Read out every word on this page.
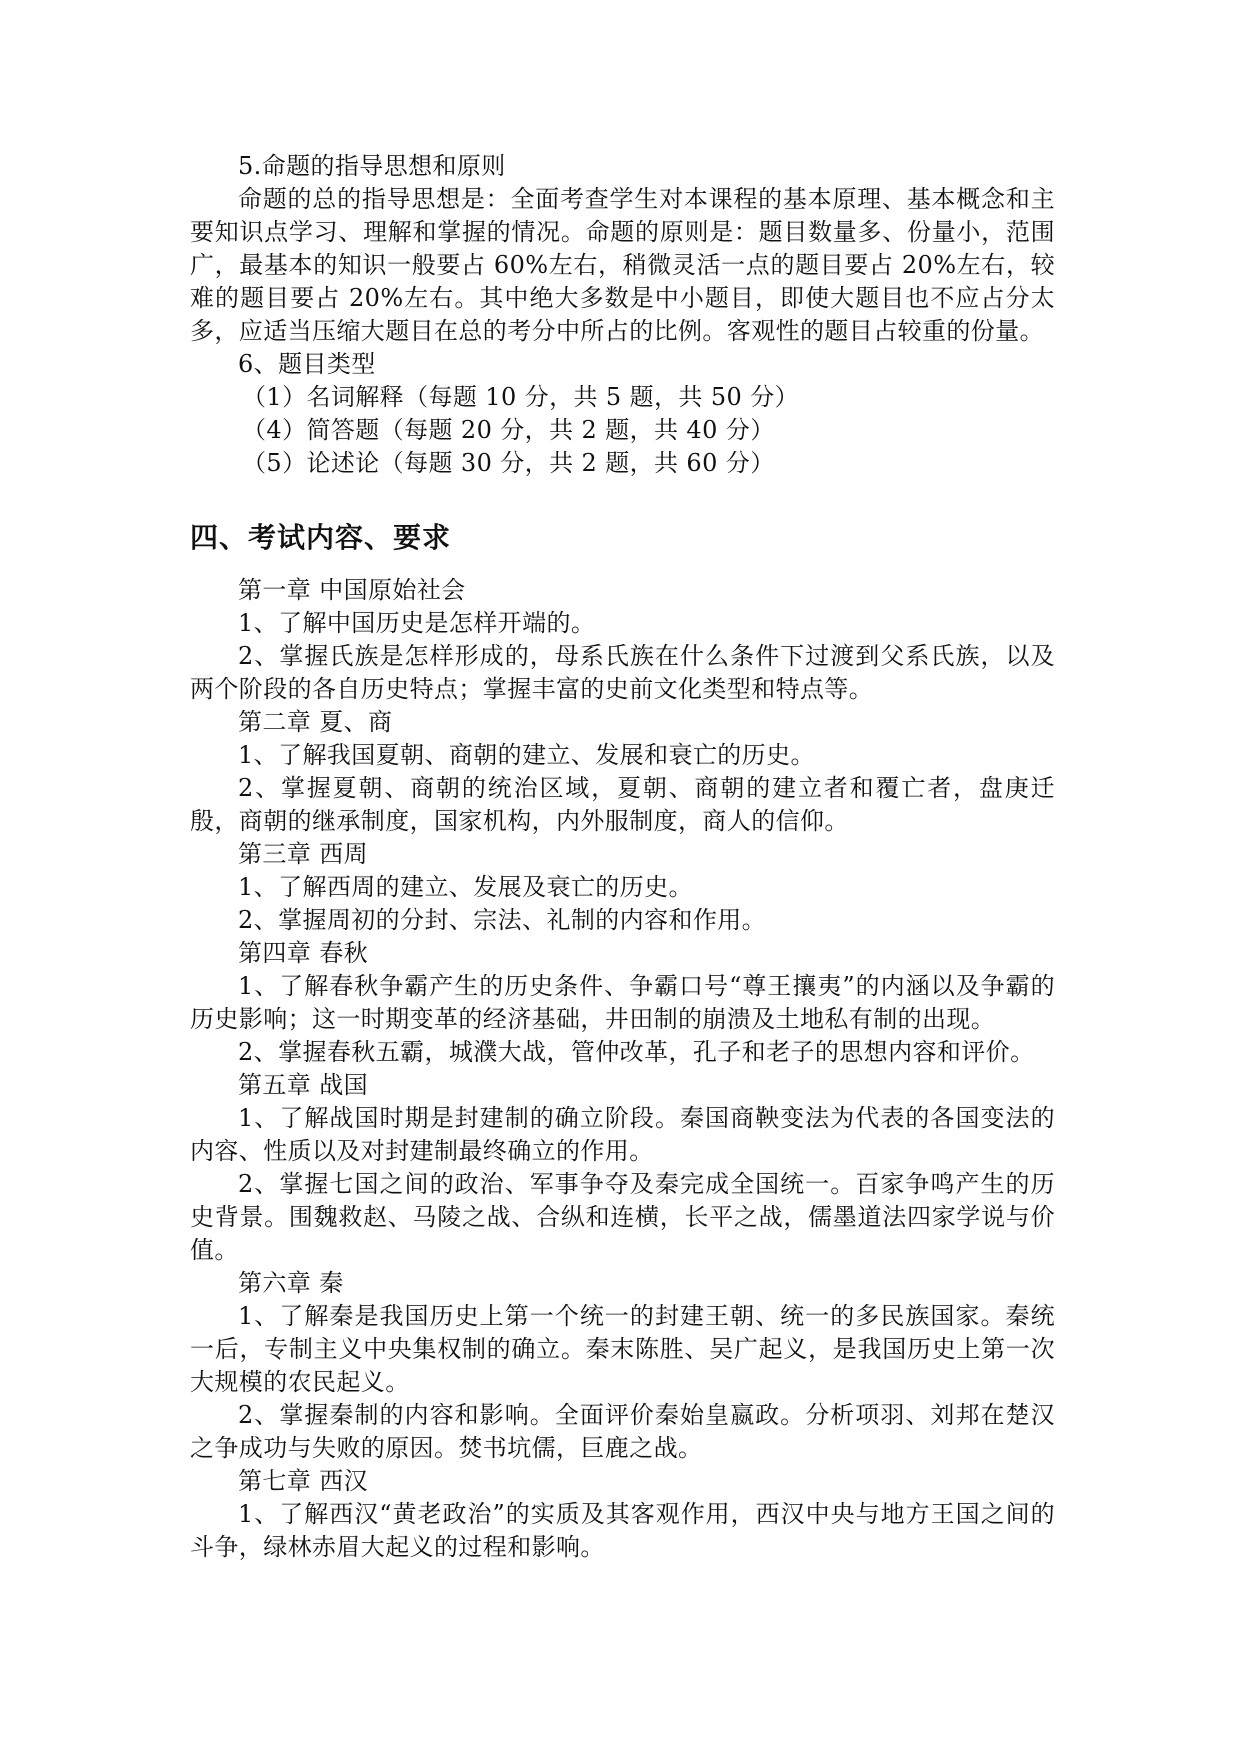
5.命题的指导思想和原则

命题的总的指导思想是：全面考查学生对本课程的基本原理、基本概念和主要知识点学习、理解和掌握的情况。命题的原则是：题目数量多、份量小，范围广，最基本的知识一般要占 60%左右，稍微灵活一点的题目要占 20%左右，较难的题目要占 20%左右。其中绝大多数是中小题目，即使大题目也不应占分太多，应适当压缩大题目在总的考分中所占的比例。客观性的题目占较重的份量。

6、题目类型

（1）名词解释（每题 10 分，共 5 题，共 50 分）

（4）简答题（每题 20 分，共 2 题，共 40 分）

（5）论述论（每题 30 分，共 2 题，共 60 分）

四、考试内容、要求

第一章 中国原始社会

1、了解中国历史是怎样开端的。

2、掌握氏族是怎样形成的，母系氏族在什么条件下过渡到父系氏族，以及两个阶段的各自历史特点；掌握丰富的史前文化类型和特点等。

第二章 夏、商

1、了解我国夏朝、商朝的建立、发展和衰亡的历史。

2、掌握夏朝、商朝的统治区域，夏朝、商朝的建立者和覆亡者，盘庚迁殷，商朝的继承制度，国家机构，内外服制度，商人的信仰。

第三章 西周

1、了解西周的建立、发展及衰亡的历史。

2、掌握周初的分封、宗法、礼制的内容和作用。

第四章 春秋

1、了解春秋争霸产生的历史条件、争霸口号“尊王攘夷”的内涵以及争霸的历史影响；这一时期变革的经济基础，井田制的崩溃及土地私有制的出现。

2、掌握春秋五霸，城濮大战，管仲改革，孔子和老子的思想内容和评价。

第五章 战国

1、了解战国时期是封建制的确立阶段。秦国商鞅变法为代表的各国变法的内容、性质以及对封建制最终确立的作用。

2、掌握七国之间的政治、军事争夺及秦完成全国统一。百家争鸣产生的历史背景。围魏救赵、马陵之战、合纵和连横，长平之战，儒墨道法四家学说与价值。

第六章 秦

1、了解秦是我国历史上第一个统一的封建王朝、统一的多民族国家。秦统一后，专制主义中央集权制的确立。秦末陈胜、吴广起义，是我国历史上第一次大规模的农民起义。

2、掌握秦制的内容和影响。全面评价秦始皇嬴政。分析项羽、刘邦在楚汉之争成功与失败的原因。焚书坑儒，巨鹿之战。

第七章 西汉

1、了解西汉“黄老政治”的实质及其客观作用，西汉中央与地方王国之间的斗争，绿林赤眉大起义的过程和影响。
